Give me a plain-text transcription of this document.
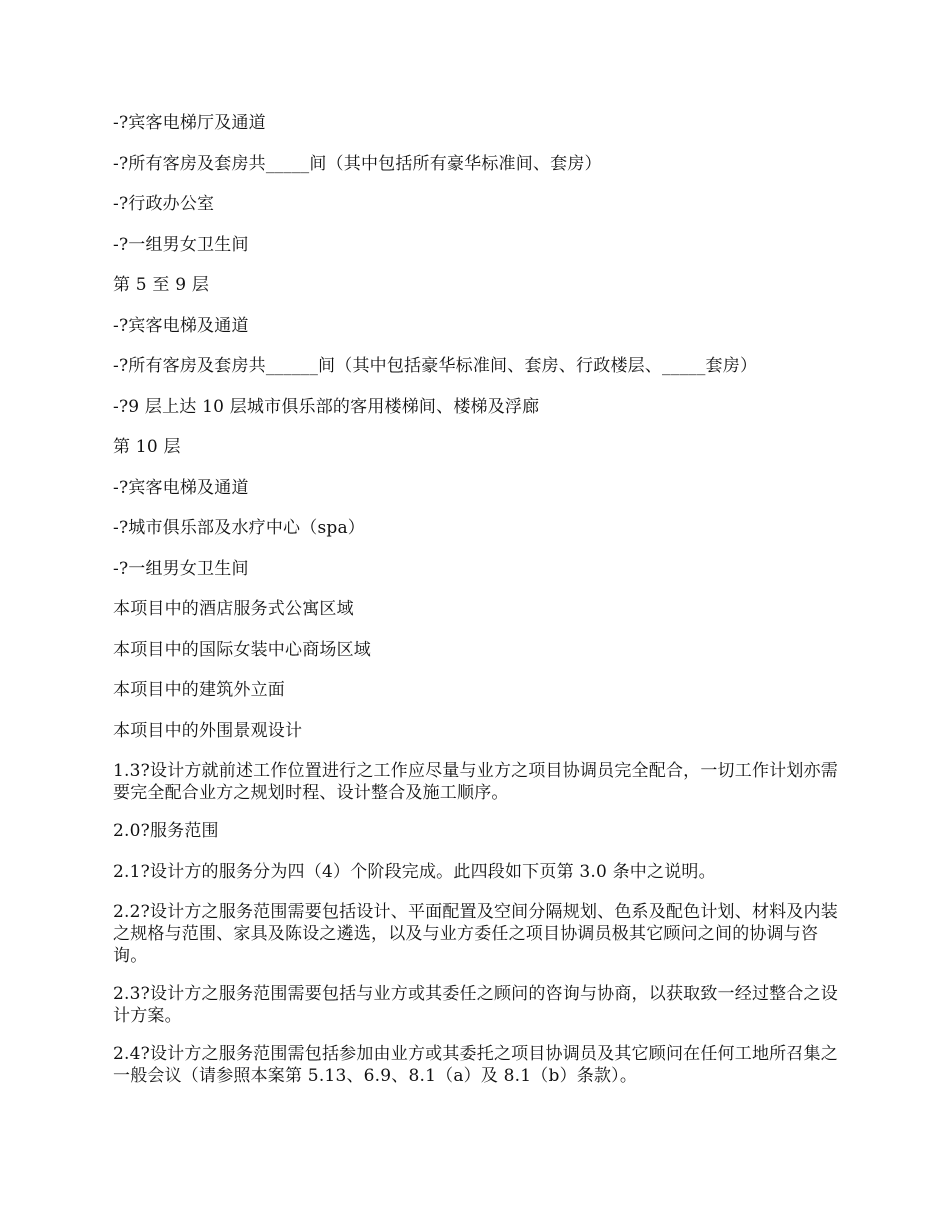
-?宾客电梯厅及通道

-?所有客房及套房共_____间（其中包括所有豪华标准间、套房）

-?行政办公室

-?一组男女卫生间

第 5 至 9 层

-?宾客电梯及通道

-?所有客房及套房共______间（其中包括豪华标准间、套房、行政楼层、_____套房）

-?9 层上达 10 层城市俱乐部的客用楼梯间、楼梯及浮廊

第 10 层

-?宾客电梯及通道

-?城市俱乐部及水疗中心（spa）

-?一组男女卫生间

本项目中的酒店服务式公寓区域

本项目中的国际女装中心商场区域

本项目中的建筑外立面

本项目中的外围景观设计

1.3?设计方就前述工作位置进行之工作应尽量与业方之项目协调员完全配合，一切工作计划亦需要完全配合业方之规划时程、设计整合及施工顺序。

2.0?服务范围

2.1?设计方的服务分为四（4）个阶段完成。此四段如下页第 3.0 条中之说明。

2.2?设计方之服务范围需要包括设计、平面配置及空间分隔规划、色系及配色计划、材料及内装之规格与范围、家具及陈设之遴选，以及与业方委任之项目协调员极其它顾问之间的协调与咨询。

2.3?设计方之服务范围需要包括与业方或其委任之顾问的咨询与协商，以获取致一经过整合之设计方案。

2.4?设计方之服务范围需包括参加由业方或其委托之项目协调员及其它顾问在任何工地所召集之一般会议（请参照本案第 5.13、6.9、8.1（a）及 8.1（b）条款）。
